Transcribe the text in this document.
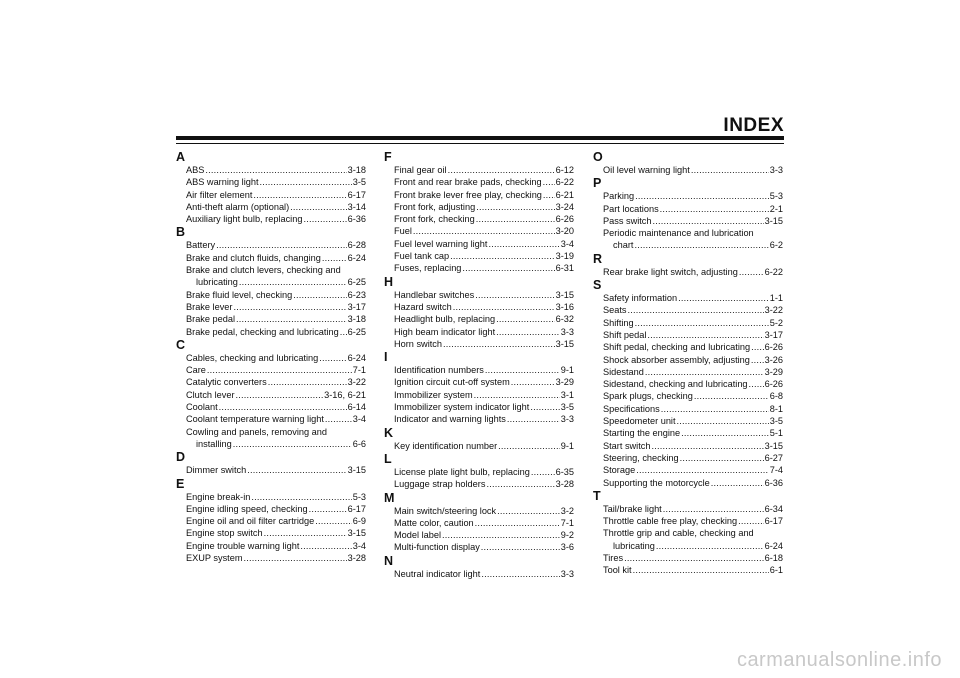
INDEX
A
ABS .....	3-18
ABS warning light .....	3-5
Air filter element .....	6-17
Anti-theft alarm (optional) .....	3-14
Auxiliary light bulb, replacing .....	6-36
B
Battery .....	6-28
Brake and clutch fluids, changing .....	6-24
Brake and clutch levers, checking and
lubricating .....	6-25
Brake fluid level, checking .....	6-23
Brake lever .....	3-17
Brake pedal .....	3-18
Brake pedal, checking and lubricating ..... 6-25
C
Cables, checking and lubricating .....	6-24
Care .....	7-1
Catalytic converters .....	3-22
Clutch lever .....	3-16, 6-21
Coolant .....	6-14
Coolant temperature warning light .....	3-4
Cowling and panels, removing and
installing .....	6-6
D
Dimmer switch .....	3-15
E
Engine break-in .....	5-3
Engine idling speed, checking .....	6-17
Engine oil and oil filter cartridge .....	6-9
Engine stop switch .....	3-15
Engine trouble warning light .....	3-4
EXUP system .....	3-28
F
Final gear oil .....	6-12
Front and rear brake pads, checking ..... 6-22
Front brake lever free play, checking ..... 6-21
Front fork, adjusting .....	3-24
Front fork, checking .....	6-26
Fuel .....	3-20
Fuel level warning light .....	3-4
Fuel tank cap .....	3-19
Fuses, replacing .....	6-31
H
Handlebar switches .....	3-15
Hazard switch .....	3-16
Headlight bulb, replacing .....	6-32
High beam indicator light .....	3-3
Horn switch .....	3-15
I
Identification numbers .....	9-1
Ignition circuit cut-off system .....	3-29
Immobilizer system .....	3-1
Immobilizer system indicator light .....	3-5
Indicator and warning lights .....	3-3
K
Key identification number .....	9-1
L
License plate light bulb, replacing .....	6-35
Luggage strap holders .....	3-28
M
Main switch/steering lock .....	3-2
Matte color, caution .....	7-1
Model label .....	9-2
Multi-function display .....	3-6
N
Neutral indicator light .....	3-3
O
Oil level warning light .....	3-3
P
Parking .....	5-3
Part locations .....	2-1
Pass switch .....	3-15
Periodic maintenance and lubrication
chart .....	6-2
R
Rear brake light switch, adjusting .....	6-22
S
Safety information .....	1-1
Seats .....	3-22
Shifting .....	5-2
Shift pedal .....	3-17
Shift pedal, checking and lubricating ..... 6-26
Shock absorber assembly, adjusting ..... 3-26
Sidestand .....	3-29
Sidestand, checking and lubricating ..... 6-26
Spark plugs, checking .....	6-8
Specifications .....	8-1
Speedometer unit .....	3-5
Starting the engine .....	5-1
Start switch .....	3-15
Steering, checking .....	6-27
Storage .....	7-4
Supporting the motorcycle .....	6-36
T
Tail/brake light .....	6-34
Throttle cable free play, checking .....	6-17
Throttle grip and cable, checking and
lubricating .....	6-24
Tires .....	6-18
Tool kit .....	6-1
carmanualsonline.info
